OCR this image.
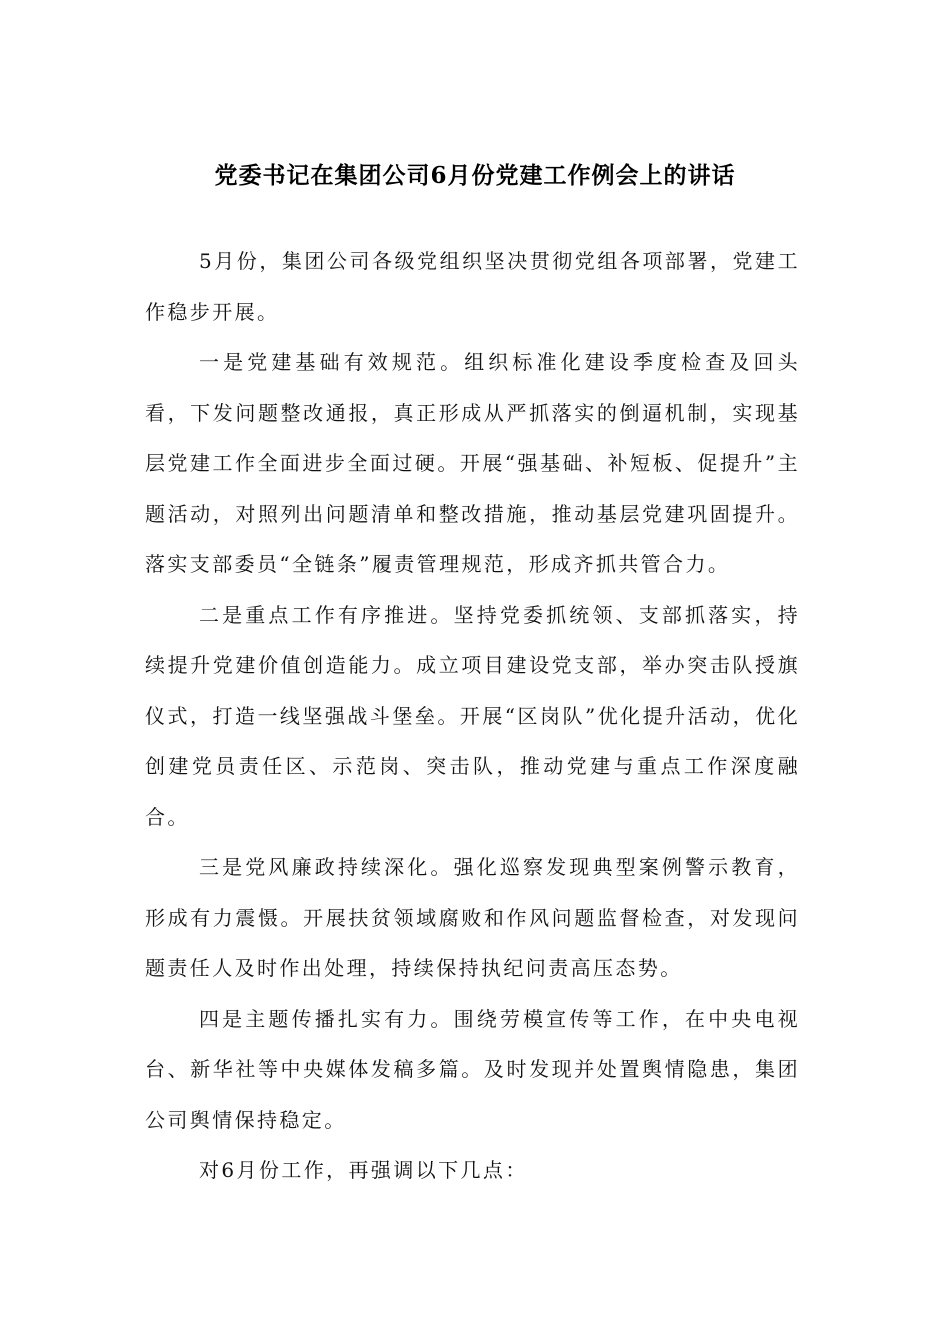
党委书记在集团公司6月份党建工作例会上的讲话

5月份，集团公司各级党组织坚决贯彻党组各项部署，党建工作稳步开展。

一是党建基础有效规范。组织标准化建设季度检查及回头看，下发问题整改通报，真正形成从严抓落实的倒逼机制，实现基层党建工作全面进步全面过硬。开展“强基础、补短板、促提升”主题活动，对照列出问题清单和整改措施，推动基层党建巩固提升。落实支部委员“全链条”履责管理规范，形成齐抓共管合力。

二是重点工作有序推进。坚持党委抓统领、支部抓落实，持续提升党建价值创造能力。成立项目建设党支部，举办突击队授旗仪式，打造一线坚强战斗堡垒。开展“区岗队”优化提升活动，优化创建党员责任区、示范岗、突击队，推动党建与重点工作深度融合。

三是党风廉政持续深化。强化巡察发现典型案例警示教育，形成有力震慑。开展扶贫领域腐败和作风问题监督检查，对发现问题责任人及时作出处理，持续保持执纪问责高压态势。

四是主题传播扎实有力。围绕劳模宣传等工作，在中央电视台、新华社等中央媒体发稿多篇。及时发现并处置舆情隐患，集团公司舆情保持稳定。

对6月份工作，再强调以下几点：
